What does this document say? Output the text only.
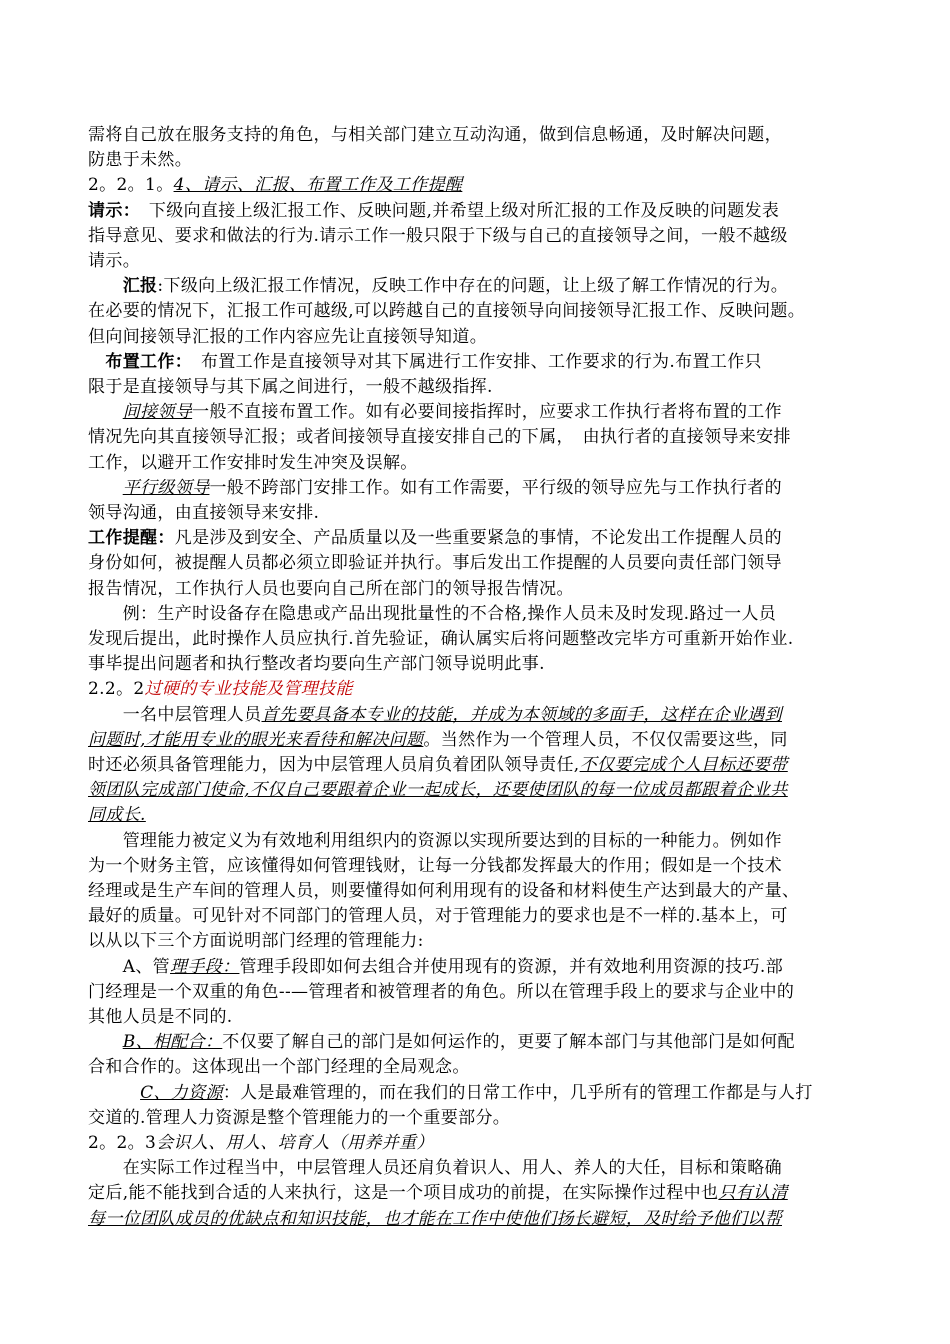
需将自己放在服务支持的角色，与相关部门建立互动沟通，做到信息畅通，及时解决问题，
防患于未然。
2。2。1。4、请示、汇报、布置工作及工作提醒
请示：　下级向直接上级汇报工作、反映问题,并希望上级对所汇报的工作及反映的问题发表
指导意见、要求和做法的行为.请示工作一般只限于下级与自己的直接领导之间，一般不越级
请示。
　　汇报:下级向上级汇报工作情况，反映工作中存在的问题，让上级了解工作情况的行为。
在必要的情况下，汇报工作可越级,可以跨越自己的直接领导向间接领导汇报工作、反映问题。
但向间接领导汇报的工作内容应先让直接领导知道。
　布置工作：　布置工作是直接领导对其下属进行工作安排、工作要求的行为.布置工作只
限于是直接领导与其下属之间进行，一般不越级指挥.
　　间接领导一般不直接布置工作。如有必要间接指挥时，应要求工作执行者将布置的工作
情况先向其直接领导汇报；或者间接领导直接安排自己的下属，　由执行者的直接领导来安排
工作，以避开工作安排时发生冲突及误解。
　　平行级领导一般不跨部门安排工作。如有工作需要，平行级的领导应先与工作执行者的
领导沟通，由直接领导来安排.
工作提醒：凡是涉及到安全、产品质量以及一些重要紧急的事情，不论发出工作提醒人员的
身份如何，被提醒人员都必须立即验证并执行。事后发出工作提醒的人员要向责任部门领导
报告情况，工作执行人员也要向自己所在部门的领导报告情况。
　　例：生产时设备存在隐患或产品出现批量性的不合格,操作人员未及时发现.路过一人员
发现后提出，此时操作人员应执行.首先验证，确认属实后将问题整改完毕方可重新开始作业.
事毕提出问题者和执行整改者均要向生产部门领导说明此事.
2.2。2过硬的专业技能及管理技能
　　一名中层管理人员首先要具备本专业的技能，并成为本领域的多面手，这样在企业遇到
问题时,才能用专业的眼光来看待和解决问题。当然作为一个管理人员，不仅仅需要这些，同
时还必须具备管理能力，因为中层管理人员肩负着团队领导责任,不仅要完成个人目标还要带
领团队完成部门使命,不仅自己要跟着企业一起成长，还要使团队的每一位成员都跟着企业共
同成长.
　　管理能力被定义为有效地利用组织内的资源以实现所要达到的目标的一种能力。例如作
为一个财务主管，应该懂得如何管理钱财，让每一分钱都发挥最大的作用；假如是一个技术
经理或是生产车间的管理人员，则要懂得如何利用现有的设备和材料使生产达到最大的产量、
最好的质量。可见针对不同部门的管理人员，对于管理能力的要求也是不一样的.基本上，可
以从以下三个方面说明部门经理的管理能力:
　　A、管理手段：管理手段即如何去组合并使用现有的资源，并有效地利用资源的技巧.部
门经理是一个双重的角色--—管理者和被管理者的角色。所以在管理手段上的要求与企业中的
其他人员是不同的.
　　B、相配合：不仅要了解自己的部门是如何运作的，更要了解本部门与其他部门是如何配
合和合作的。这体现出一个部门经理的全局观念。
　　　C、力资源：人是最难管理的，而在我们的日常工作中，几乎所有的管理工作都是与人打
交道的.管理人力资源是整个管理能力的一个重要部分。
2。2。3会识人、用人、培育人（用养并重）
　　在实际工作过程当中，中层管理人员还肩负着识人、用人、养人的大任，目标和策略确
定后,能不能找到合适的人来执行，这是一个项目成功的前提，在实际操作过程中也只有认清
每一位团队成员的优缺点和知识技能，也才能在工作中使他们扬长避短，及时给予他们以帮
